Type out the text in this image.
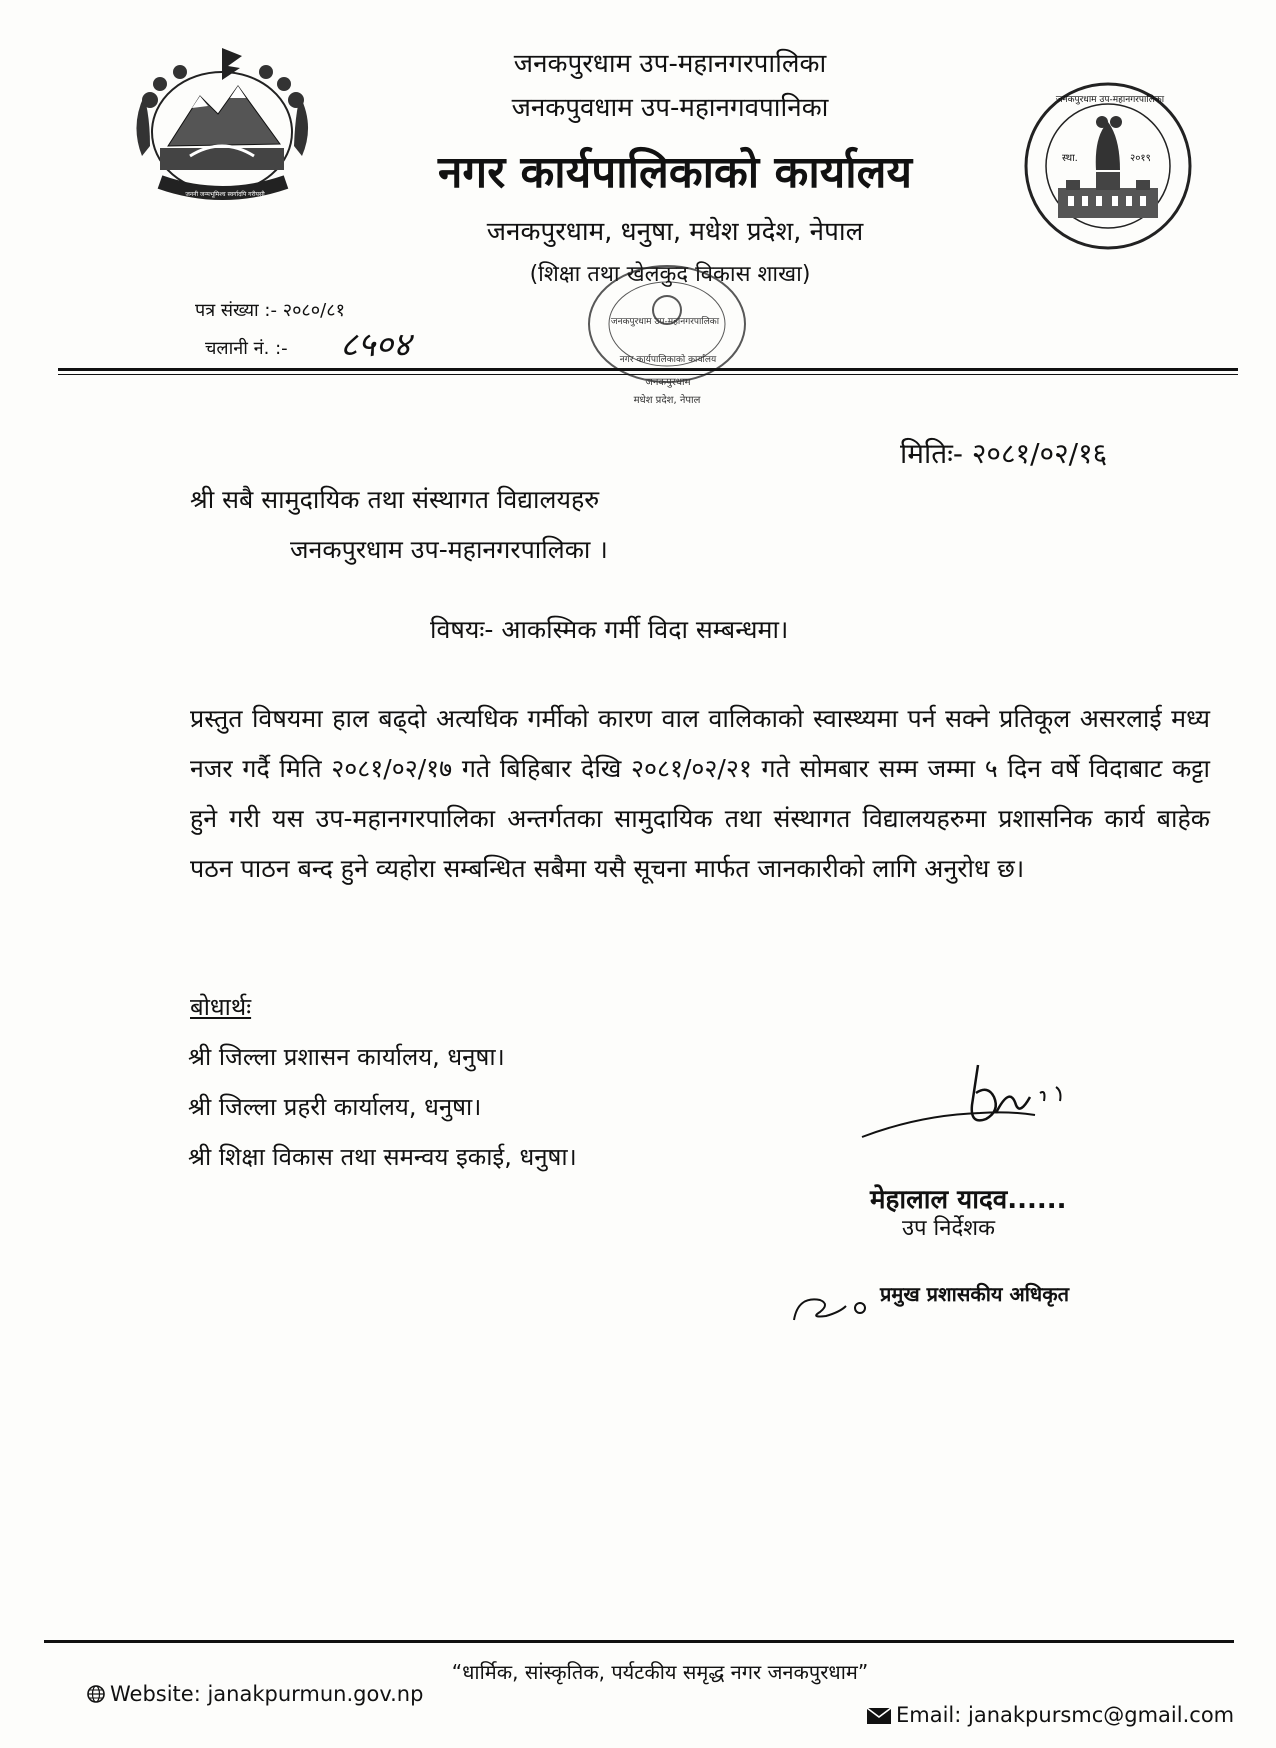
जननी जन्मभूमिश्च स्वर्गादपि गरीयसी
जनकपुरधाम उप-महानगरपालिका
स्था.	२०१९
जनकपुरधाम उप-महानगरपालिका
जनकपुवधाम उप-महानगवपानिका
नगर कार्यपालिकाको कार्यालय
जनकपुरधाम, धनुषा, मधेश प्रदेश, नेपाल
(शिक्षा तथा खेलकुद विकास शाखा)
जनकपुरधाम उप-महानगरपालिका
नगर कार्यपालिकाको कार्यालय
जनकपुरधाम
मधेश प्रदेश, नेपाल
पत्र संख्या :- २०८०/८१
चलानी नं. :- ८५०४
मितिः- २०८१/०२/१६
श्री सबै सामुदायिक तथा संस्थागत विद्यालयहरु
जनकपुरधाम उप-महानगरपालिका ।
विषयः- आकस्मिक गर्मी विदा सम्बन्धमा।
प्रस्तुत विषयमा हाल बढ्दो अत्यधिक गर्मीको कारण वाल वालिकाको स्वास्थ्यमा पर्न सक्ने प्रतिकूल असरलाई मध्य नजर गर्दै मिति २०८१/०२/१७ गते बिहिबार देखि २०८१/०२/२१ गते सोमबार सम्म जम्मा ५ दिन वर्षे विदाबाट कट्टा हुने गरी यस उप-महानगरपालिका अन्तर्गतका सामुदायिक तथा संस्थागत विद्यालयहरुमा प्रशासनिक कार्य बाहेक पठन पाठन बन्द हुने व्यहोरा सम्बन्धित सबैमा यसै सूचना मार्फत जानकारीको लागि अनुरोध छ।
बोधार्थः
श्री जिल्ला प्रशासन कार्यालय, धनुषा।
श्री जिल्ला प्रहरी कार्यालय, धनुषा।
श्री शिक्षा विकास तथा समन्वय इकाई, धनुषा।
मेहालाल यादव......
उप निर्देशक
प्रमुख प्रशासकीय अधिकृत
“धार्मिक, सांस्कृतिक, पर्यटकीय समृद्ध नगर जनकपुरधाम”
Website: janakpurmun.gov.np
Email: janakpursmc@gmail.com
